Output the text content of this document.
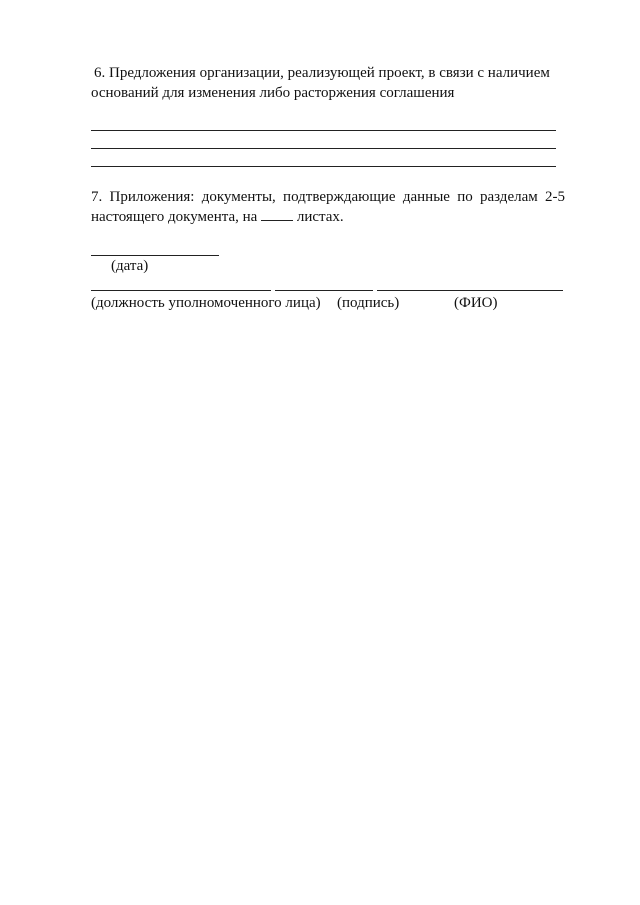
6. Предложения организации, реализующей проект, в связи с наличием
оснований для изменения либо расторжения соглашения

7. Приложения: документы, подтверждающие данные по разделам 2-5
настоящего документа, на	листах.

(дата)
(должность уполномоченного лица) (подпись)	(ФИО)
